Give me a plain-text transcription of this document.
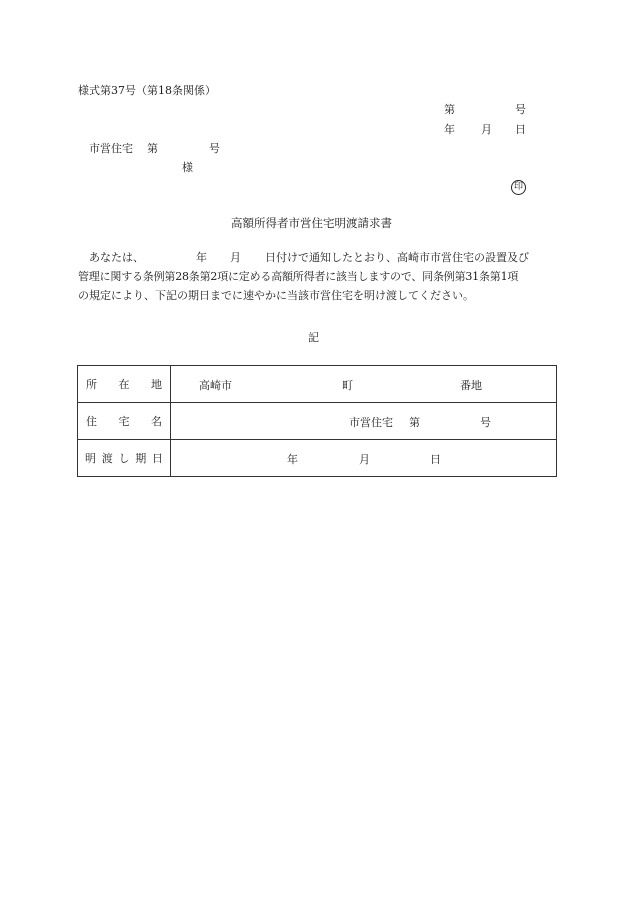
様式第37号（第18条関係）
第	号
年 月 日
市営住宅 第	号
様
印
高額所得者市営住宅明渡請求書

あなたは、	年 月 日付けで通知したとおり、高崎市市営住宅の設置及び

管理に関する条例第28条第2項に定める高額所得者に該当しますので、同条例第31条第1項

の規定により、下記の期日までに速やかに当該市営住宅を明け渡してください。

記
所 在 地	高崎市 町 番地

住 宅 名	市営住宅 第 号

明 渡 し 期 日	年 月 日
